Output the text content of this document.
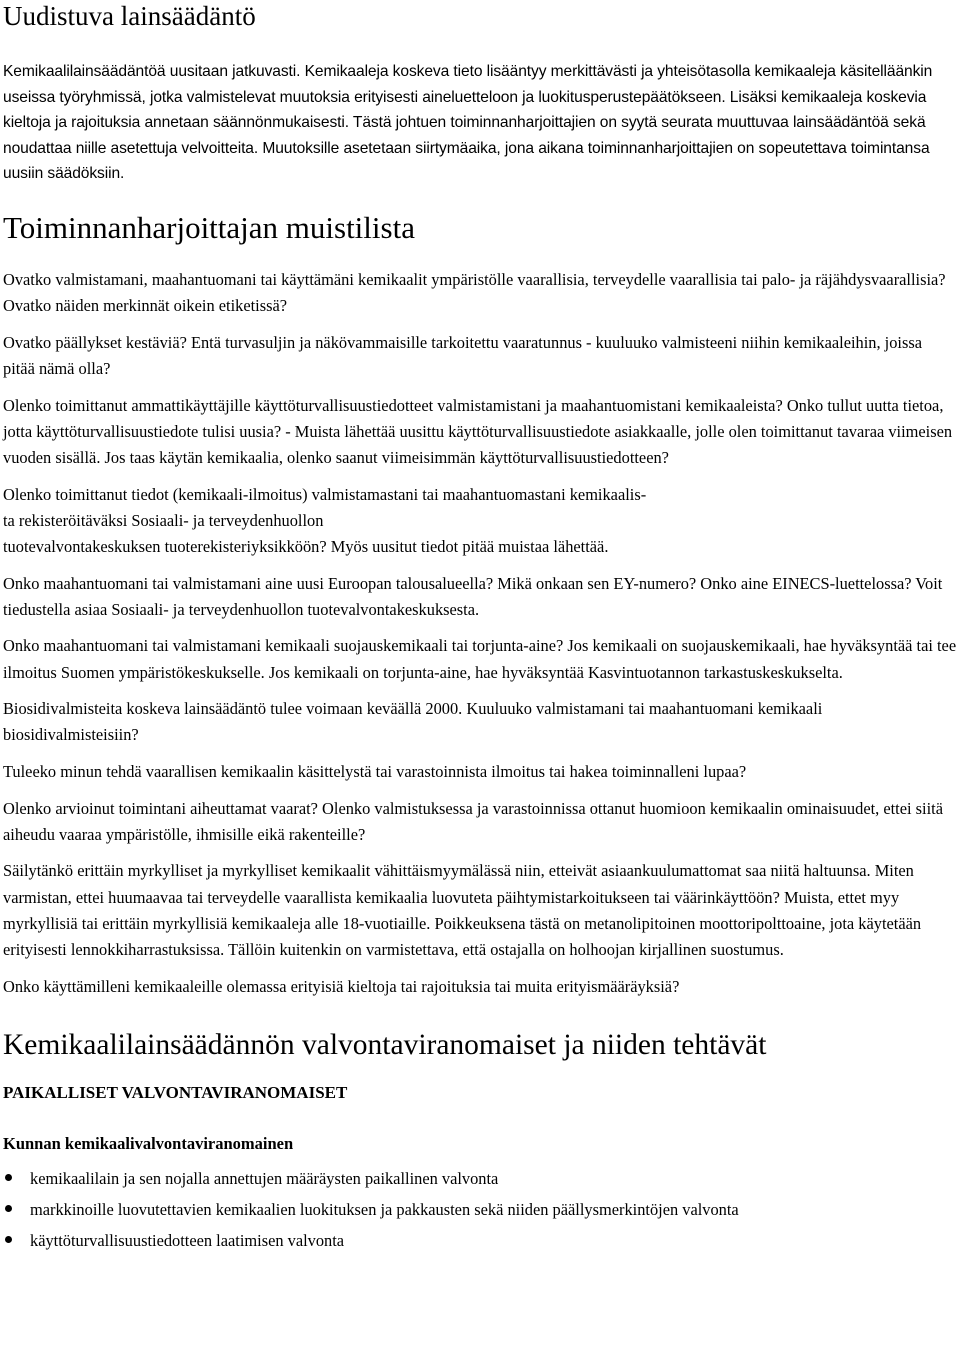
Uudistuva lainsäädäntö

Kemikaalilainsäädäntöä uusitaan jatkuvasti. Kemikaaleja koskeva tieto lisääntyy merkittävästi ja yhteisötasolla kemikaaleja käsitelläänkin useissa työryhmissä, jotka valmistelevat muutoksia erityisesti aineluetteloon ja luokitusperustepäätökseen. Lisäksi kemikaaleja koskevia kieltoja ja rajoituksia annetaan säännönmukaisesti. Tästä johtuen toiminnanharjoittajien on syytä seurata muuttuvaa lainsäädäntöä sekä noudattaa niille asetettuja velvoitteita. Muutoksille asetetaan siirtymäaika, jona aikana toiminnanharjoittajien on sopeutettava toimintansa uusiin säädöksiin.

Toiminnanharjoittajan muistilista

Ovatko valmistamani, maahantuomani tai käyttämäni kemikaalit ympäristölle vaarallisia, terveydelle vaarallisia tai palo- ja räjähdysvaarallisia? Ovatko näiden merkinnät oikein etiketissä?

Ovatko päällykset kestäviä? Entä turvasuljin ja näkövammaisille tarkoitettu vaaratunnus - kuuluuko valmisteeni niihin kemikaaleihin, joissa pitää nämä olla?

Olenko toimittanut ammattikäyttäjille käyttöturvallisuustiedotteet valmistamistani ja maahantuomistani kemikaaleista? Onko tullut uutta tietoa, jotta käyttöturvallisuustiedote tulisi uusia? - Muista lähettää uusittu käyttöturvallisuustiedote asiakkaalle, jolle olen toimittanut tavaraa viimeisen vuoden sisällä. Jos taas käytän kemikaalia, olenko saanut viimeisimmän käyttöturvallisuustiedotteen?

Olenko toimittanut tiedot (kemikaali-ilmoitus) valmistamastani tai maahantuomastani kemikaalis-
ta rekisteröitäväksi Sosiaali- ja terveydenhuollon
tuotevalvontakeskuksen tuoterekisteriyksikköön? Myös uusitut tiedot pitää muistaa lähettää.

Onko maahantuomani tai valmistamani aine uusi Euroopan talousalueella? Mikä onkaan sen EY-numero? Onko aine EINECS-luettelossa? Voit tiedustella asiaa Sosiaali- ja terveydenhuollon tuotevalvontakeskuksesta.

Onko maahantuomani tai valmistamani kemikaali suojauskemikaali tai torjunta-aine? Jos kemikaali on suojauskemikaali, hae hyväksyntää tai tee ilmoitus Suomen ympäristökeskukselle. Jos kemikaali on torjunta-aine, hae hyväksyntää Kasvintuotannon tarkastuskeskukselta.

Biosidivalmisteita koskeva lainsäädäntö tulee voimaan keväällä 2000. Kuuluuko valmistamani tai maahantuomani kemikaali biosidivalmisteisiin?

Tuleeko minun tehdä vaarallisen kemikaalin käsittelystä tai varastoinnista ilmoitus tai hakea toiminnalleni lupaa?

Olenko arvioinut toimintani aiheuttamat vaarat? Olenko valmistuksessa ja varastoinnissa ottanut huomioon kemikaalin ominaisuudet, ettei siitä aiheudu vaaraa ympäristölle, ihmisille eikä rakenteille?

Säilytänkö erittäin myrkylliset ja myrkylliset kemikaalit vähittäismyymälässä niin, etteivät asiaankuulumattomat saa niitä haltuunsa. Miten varmistan, ettei huumaavaa tai terveydelle vaarallista kemikaalia luovuteta päihtymistarkoitukseen tai väärinkäyttöön? Muista, ettet myy myrkyllisiä tai erittäin myrkyllisiä kemikaaleja alle 18-vuotiaille. Poikkeuksena tästä on metanolipitoinen moottoripolttoaine, jota käytetään erityisesti lennokkiharrastuksissa. Tällöin kuitenkin on varmistettava, että ostajalla on holhoojan kirjallinen suostumus.

Onko käyttämilleni kemikaaleille olemassa erityisiä kieltoja tai rajoituksia tai muita erityismääräyksiä?

Kemikaalilainsäädännön valvontaviranomaiset ja niiden tehtävät
PAIKALLISET VALVONTAVIRANOMAISET
Kunnan kemikaalivalvontaviranomainen
kemikaalilain ja sen nojalla annettujen määräysten paikallinen valvonta
markkinoille luovutettavien kemikaalien luokituksen ja pakkausten sekä niiden päällysmerkintöjen valvonta
käyttöturvallisuustiedotteen laatimisen valvonta
